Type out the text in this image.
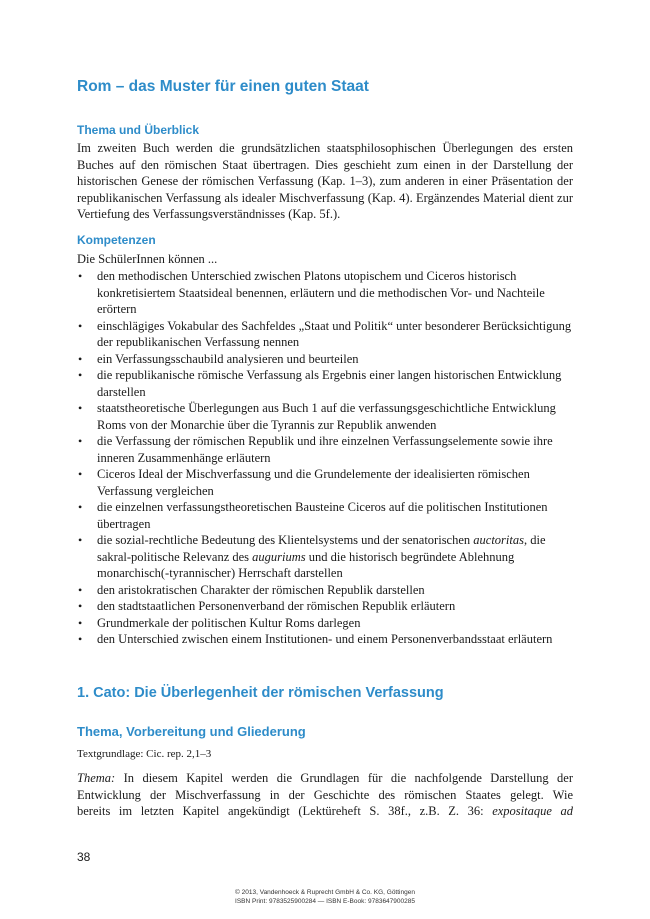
Rom – das Muster für einen guten Staat
Thema und Überblick

Im zweiten Buch werden die grundsätzlichen staatsphilosophischen Überlegungen des ersten Buches auf den römischen Staat übertragen. Dies geschieht zum einen in der Darstellung der historischen Genese der römischen Verfassung (Kap. 1–3), zum anderen in einer Präsentation der republikanischen Verfassung als idealer Mischverfassung (Kap. 4). Ergänzendes Material dient zur Vertiefung des Verfassungsverständnisses (Kap. 5f.).

Kompetenzen

Die SchülerInnen können ...

• den methodischen Unterschied zwischen Platons utopischem und Ciceros historisch konkretisiertem Staatsideal benennen, erläutern und die methodischen Vor- und Nachteile erörtern
• einschlägiges Vokabular des Sachfeldes „Staat und Politik“ unter besonderer Berücksichtigung der republikanischen Verfassung nennen
• ein Verfassungsschaubild analysieren und beurteilen
• die republikanische römische Verfassung als Ergebnis einer langen historischen Entwicklung darstellen
• staatstheoretische Überlegungen aus Buch 1 auf die verfassungsgeschichtliche Entwicklung Roms von der Monarchie über die Tyrannis zur Republik anwenden
• die Verfassung der römischen Republik und ihre einzelnen Verfassungselemente sowie ihre inneren Zusammenhänge erläutern
• Ciceros Ideal der Mischverfassung und die Grundelemente der idealisierten römischen Verfassung vergleichen
• die einzelnen verfassungstheoretischen Bausteine Ciceros auf die politischen Institutionen übertragen
• die sozial-rechtliche Bedeutung des Klientelsystems und der senatorischen auctoritas, die sakral-politische Relevanz des auguriums und die historisch begründete Ablehnung monarchisch(-tyrannischer) Herrschaft darstellen
• den aristokratischen Charakter der römischen Republik darstellen
• den stadtstaatlichen Personenverband der römischen Republik erläutern
• Grundmerkale der politischen Kultur Roms darlegen
• den Unterschied zwischen einem Institutionen- und einem Personenverbandsstaat erläutern
1. Cato: Die Überlegenheit der römischen Verfassung
Thema, Vorbereitung und Gliederung
Textgrundlage: Cic. rep. 2,1–3
Thema: In diesem Kapitel werden die Grundlagen für die nachfolgende Darstellung der
Entwicklung der Mischverfassung in der Geschichte des römischen Staates gelegt. Wie
bereits im letzten Kapitel angekündigt (Lektüreheft S. 38f., z.B. Z. 36: expositaque ad
38
© 2013, Vandenhoeck & Ruprecht GmbH & Co. KG, Göttingen
ISBN Print: 9783525900284 — ISBN E-Book: 9783647900285
